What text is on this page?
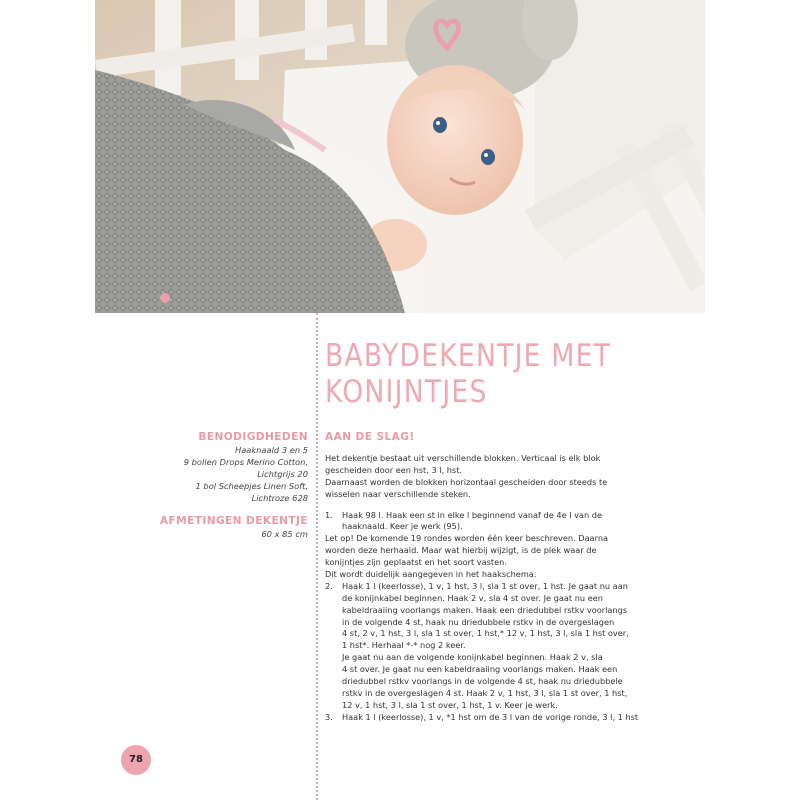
BABYDEKENTJE MET
KONIJNTJES
BENODIGDHEDEN
Haaknaald 3 en 5
9 bollen Drops Merino Cotton,
Lichtgrijs 20
1 bol Scheepjes Linen Soft,
Lichtroze 628
AFMETINGEN DEKENTJE
60 x 85 cm
AAN DE SLAG!
Het dekentje bestaat uit verschillende blokken. Verticaal is elk blok
gescheiden door een hst, 3 l, hst.
Daarnaast worden de blokken horizontaal gescheiden door steeds te
wisselen naar verschillende steken.
1. Haak 98 l. Haak een st in elke l beginnend vanaf de 4e l van de
haaknaald. Keer je werk (95).
Let op! De komende 19 rondes worden één keer beschreven. Daarna
worden deze herhaald. Maar wat hierbij wijzigt, is de plek waar de
konijntjes zijn geplaatst en het soort vasten.
Dit wordt duidelijk aangegeven in het haakschema.
2. Haak 1 l (keerlosse), 1 v, 1 hst, 3 l, sla 1 st over, 1 hst. Je gaat nu aan
de konijnkabel beginnen. Haak 2 v, sla 4 st over. Je gaat nu een
kabeldraaiing voorlangs maken. Haak een driedubbel rstkv voorlangs
in de volgende 4 st, haak nu driedubbele rstkv in de overgeslagen
4 st, 2 v, 1 hst, 3 l, sla 1 st over, 1 hst,* 12 v, 1 hst, 3 l, sla 1 hst over,
1 hst*. Herhaal *-* nog 2 keer.
Je gaat nu aan de volgende konijnkabel beginnen. Haak 2 v, sla
4 st over. Je gaat nu een kabeldraaiing voorlangs maken. Haak een
driedubbel rstkv voorlangs in de volgende 4 st, haak nu driedubbele
rstkv in de overgeslagen 4 st. Haak 2 v, 1 hst, 3 l, sla 1 st over, 1 hst,
12 v, 1 hst, 3 l, sla 1 st over, 1 hst, 1 v. Keer je werk.
3. Haak 1 l (keerlosse), 1 v, *1 hst om de 3 l van de vorige ronde, 3 l, 1 hst
78
